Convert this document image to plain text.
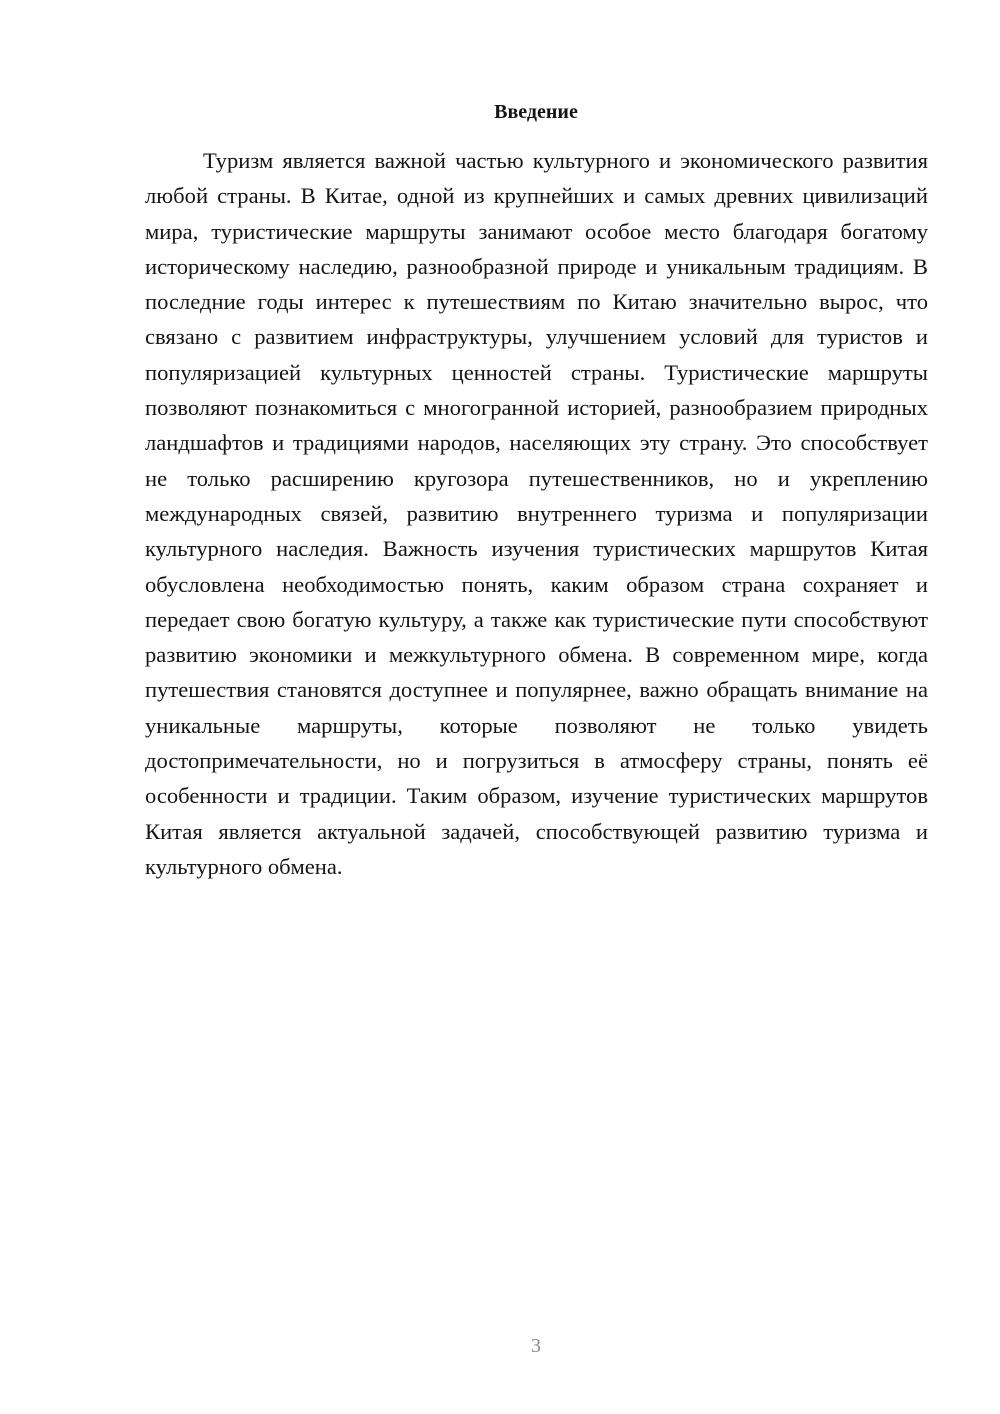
Введение

Туризм является важной частью культурного и экономического развития любой страны. В Китае, одной из крупнейших и самых древних цивилизаций мира, туристические маршруты занимают особое место благодаря богатому историческому наследию, разнообразной природе и уникальным традициям. В последние годы интерес к путешествиям по Китаю значительно вырос, что связано с развитием инфраструктуры, улучшением условий для туристов и популяризацией культурных ценностей страны. Туристические маршруты позволяют познакомиться с многогранной историей, разнообразием природных ландшафтов и традициями народов, населяющих эту страну. Это способствует не только расширению кругозора путешественников, но и укреплению международных связей, развитию внутреннего туризма и популяризации культурного наследия. Важность изучения туристических маршрутов Китая обусловлена необходимостью понять, каким образом страна сохраняет и передает свою богатую культуру, а также как туристические пути способствуют развитию экономики и межкультурного обмена. В современном мире, когда путешествия становятся доступнее и популярнее, важно обращать внимание на уникальные маршруты, которые позволяют не только увидеть достопримечательности, но и погрузиться в атмосферу страны, понять её особенности и традиции. Таким образом, изучение туристических маршрутов Китая является актуальной задачей, способствующей развитию туризма и культурного обмена.

3
